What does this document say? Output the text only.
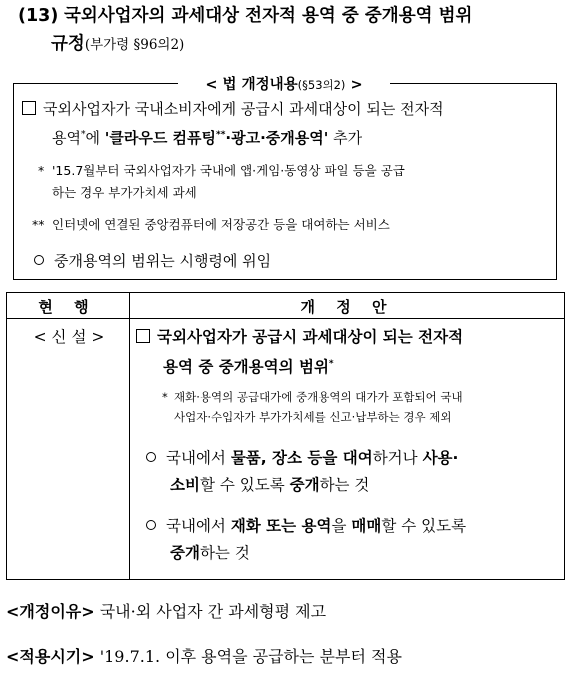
(13) 국외사업자의 과세대상 전자적 용역 중 중개용역 범위
규정(부가령 §96의2)
< 법 개정내용(§53의2) >
국외사업자가 국내소비자에게 공급시 과세대상이 되는 전자적
용역*에 '클라우드 컴퓨팅**·광고·중개용역' 추가
* '15.7월부터 국외사업자가 국내에 앱·게임·동영상 파일 등을 공급
하는 경우 부가가치세 과세
** 인터넷에 연결된 중앙컴퓨터에 저장공간 등을 대여하는 서비스
중개용역의 범위는 시행령에 위임
현 행	개 정 안
< 신 설 >	국외사업자가 공급시 과세대상이 되는 전자적
용역 중 중개용역의 범위*
* 재화·용역의 공급대가에 중개용역의 대가가 포함되어 국내
사업자·수입자가 부가가치세를 신고·납부하는 경우 제외
국내에서 물품, 장소 등을 대여하거나 사용·
소비할 수 있도록 중개하는 것
국내에서 재화 또는 용역을 매매할 수 있도록
중개하는 것
<개정이유> 국내·외 사업자 간 과세형평 제고
<적용시기> '19.7.1. 이후 용역을 공급하는 분부터 적용
